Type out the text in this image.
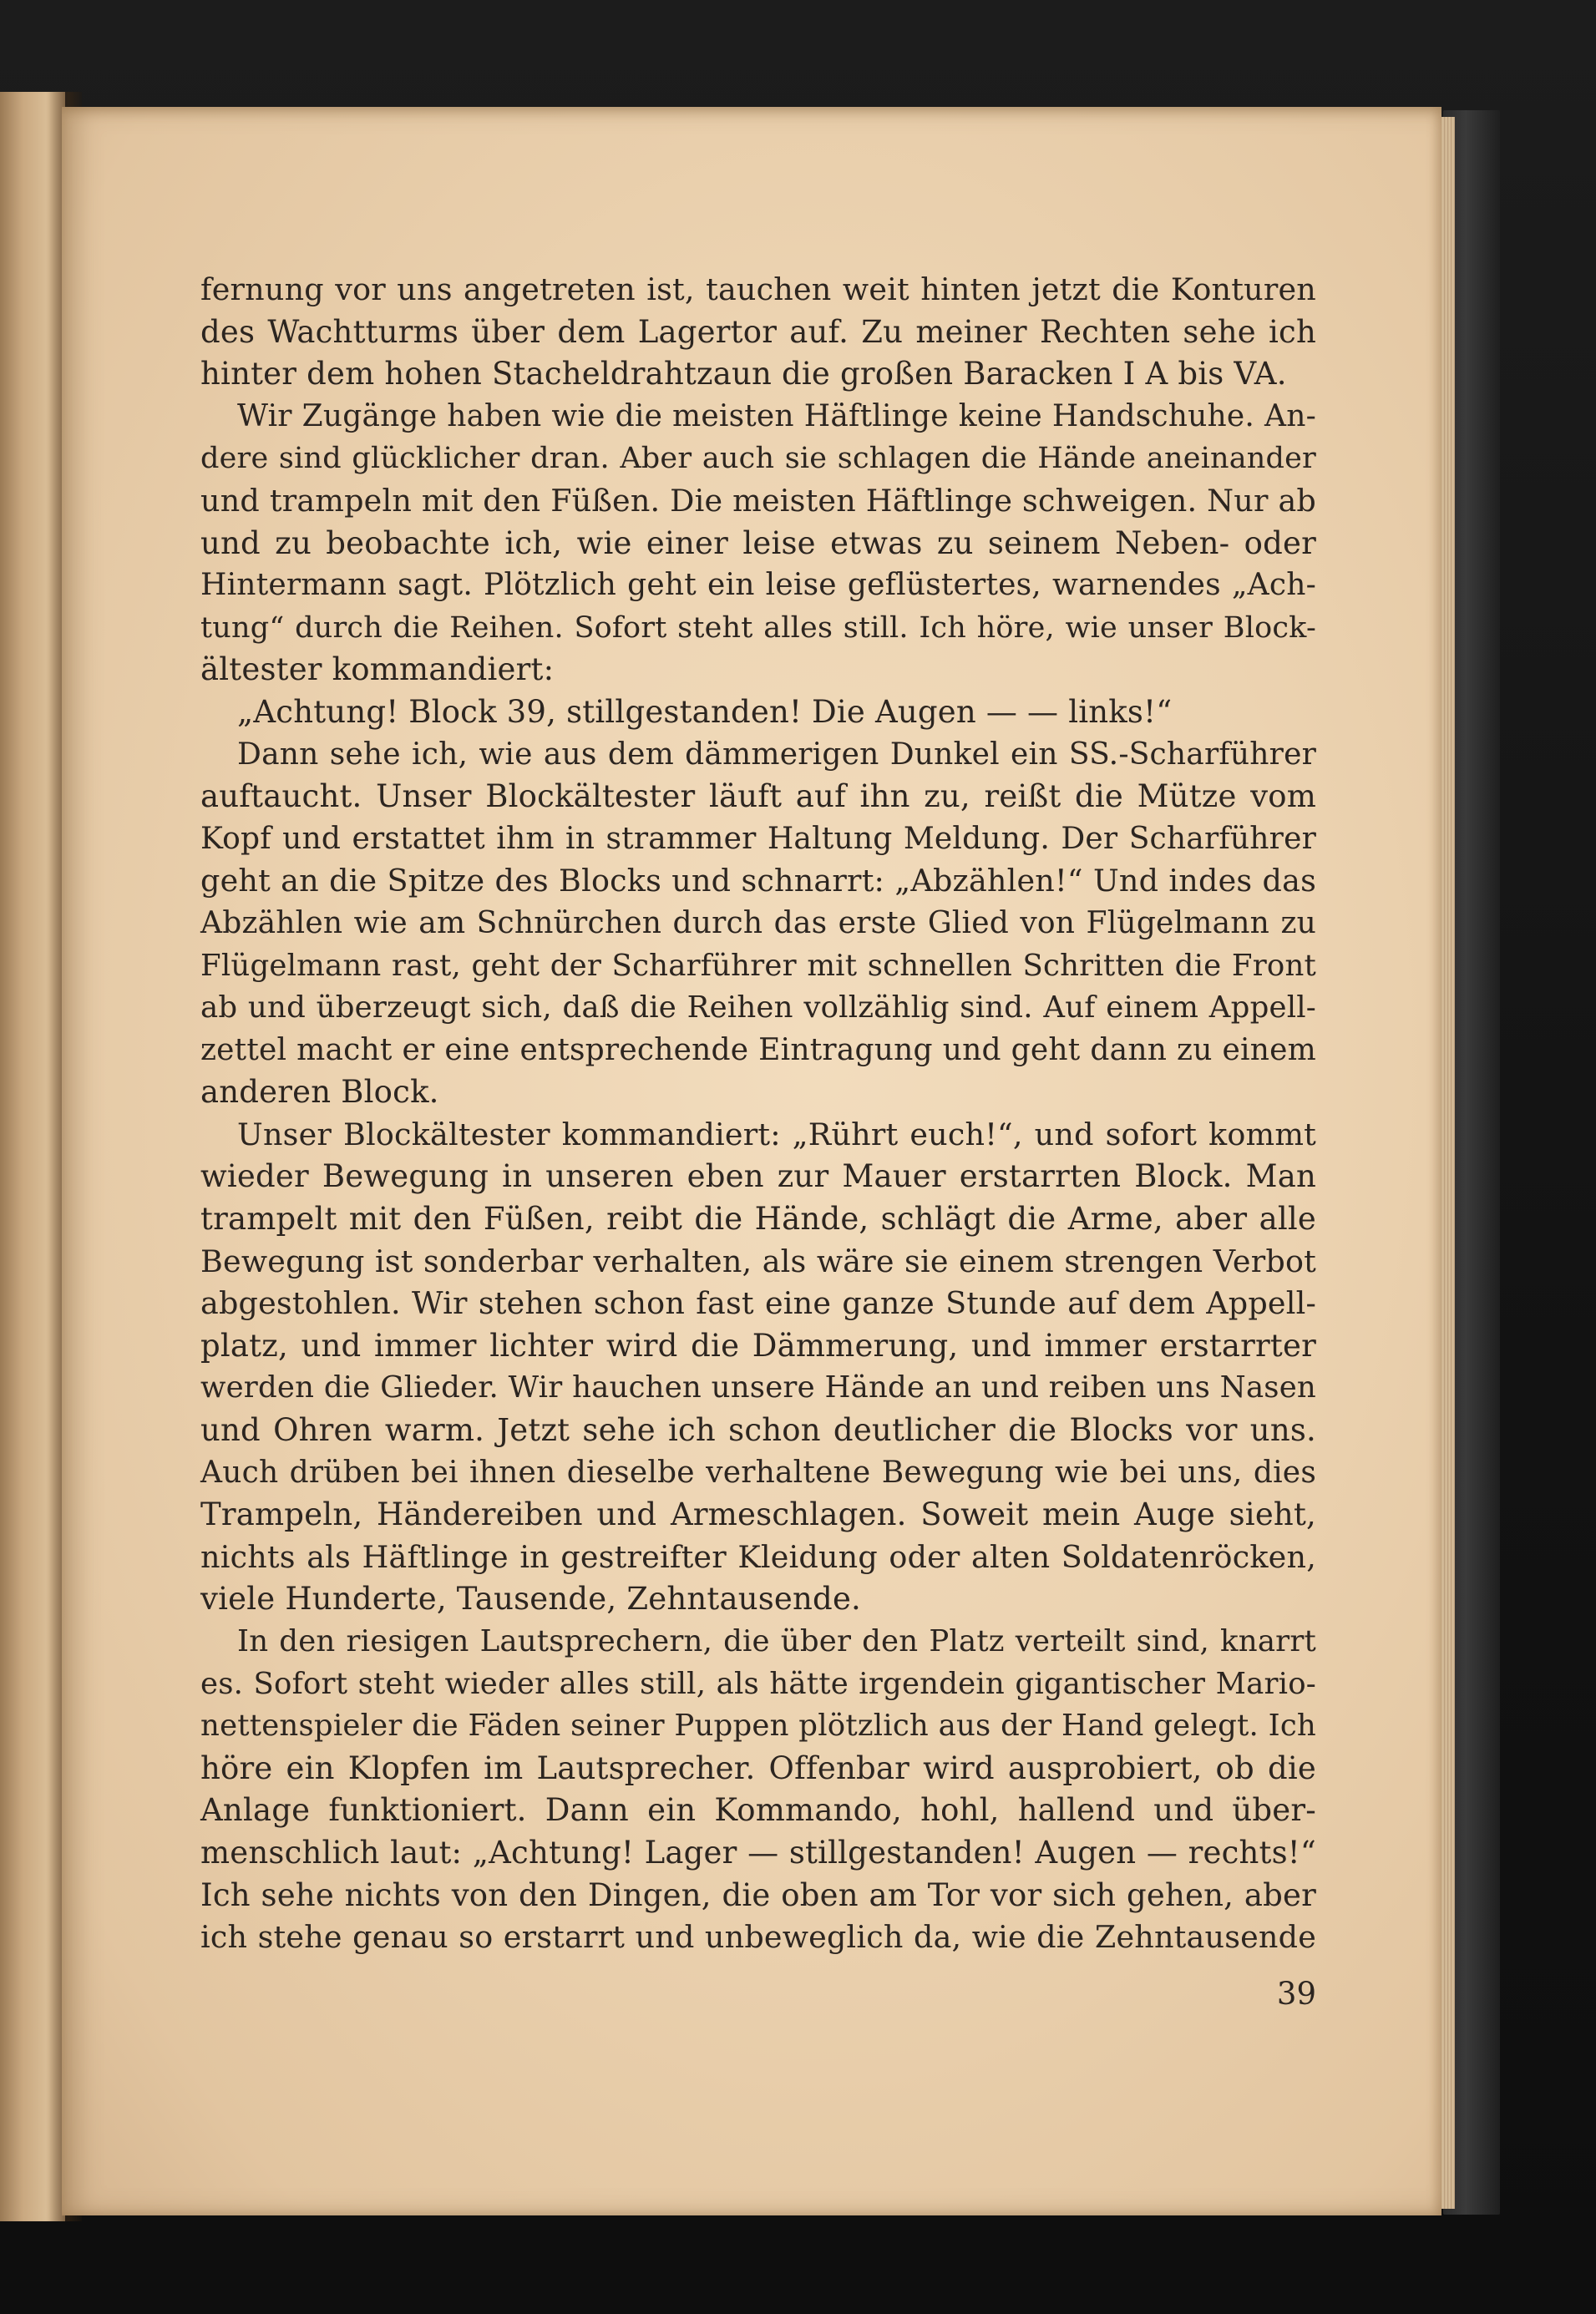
fernung vor uns angetreten ist, tauchen weit hinten jetzt die Konturen
des Wachtturms über dem Lagertor auf. Zu meiner Rechten sehe ich
hinter dem hohen Stacheldrahtzaun die großen Baracken I A bis VA.
Wir Zugänge haben wie die meisten Häftlinge keine Handschuhe. An-
dere sind glücklicher dran. Aber auch sie schlagen die Hände aneinander
und trampeln mit den Füßen. Die meisten Häftlinge schweigen. Nur ab
und zu beobachte ich, wie einer leise etwas zu seinem Neben- oder
Hintermann sagt. Plötzlich geht ein leise geflüstertes, warnendes „Ach-
tung“ durch die Reihen. Sofort steht alles still. Ich höre, wie unser Block-
ältester kommandiert:
„Achtung! Block 39, stillgestanden! Die Augen — — links!“
Dann sehe ich, wie aus dem dämmerigen Dunkel ein SS.-Scharführer
auftaucht. Unser Blockältester läuft auf ihn zu, reißt die Mütze vom
Kopf und erstattet ihm in strammer Haltung Meldung. Der Scharführer
geht an die Spitze des Blocks und schnarrt: „Abzählen!“ Und indes das
Abzählen wie am Schnürchen durch das erste Glied von Flügelmann zu
Flügelmann rast, geht der Scharführer mit schnellen Schritten die Front
ab und überzeugt sich, daß die Reihen vollzählig sind. Auf einem Appell-
zettel macht er eine entsprechende Eintragung und geht dann zu einem
anderen Block.
Unser Blockältester kommandiert: „Rührt euch!“, und sofort kommt
wieder Bewegung in unseren eben zur Mauer erstarrten Block. Man
trampelt mit den Füßen, reibt die Hände, schlägt die Arme, aber alle
Bewegung ist sonderbar verhalten, als wäre sie einem strengen Verbot
abgestohlen. Wir stehen schon fast eine ganze Stunde auf dem Appell-
platz, und immer lichter wird die Dämmerung, und immer erstarrter
werden die Glieder. Wir hauchen unsere Hände an und reiben uns Nasen
und Ohren warm. Jetzt sehe ich schon deutlicher die Blocks vor uns.
Auch drüben bei ihnen dieselbe verhaltene Bewegung wie bei uns, dies
Trampeln, Händereiben und Armeschlagen. Soweit mein Auge sieht,
nichts als Häftlinge in gestreifter Kleidung oder alten Soldatenröcken,
viele Hunderte, Tausende, Zehntausende.
In den riesigen Lautsprechern, die über den Platz verteilt sind, knarrt
es. Sofort steht wieder alles still, als hätte irgendein gigantischer Mario-
nettenspieler die Fäden seiner Puppen plötzlich aus der Hand gelegt. Ich
höre ein Klopfen im Lautsprecher. Offenbar wird ausprobiert, ob die
Anlage funktioniert. Dann ein Kommando, hohl, hallend und über-
menschlich laut: „Achtung! Lager — stillgestanden! Augen — rechts!“
Ich sehe nichts von den Dingen, die oben am Tor vor sich gehen, aber
ich stehe genau so erstarrt und unbeweglich da, wie die Zehntausende
39
